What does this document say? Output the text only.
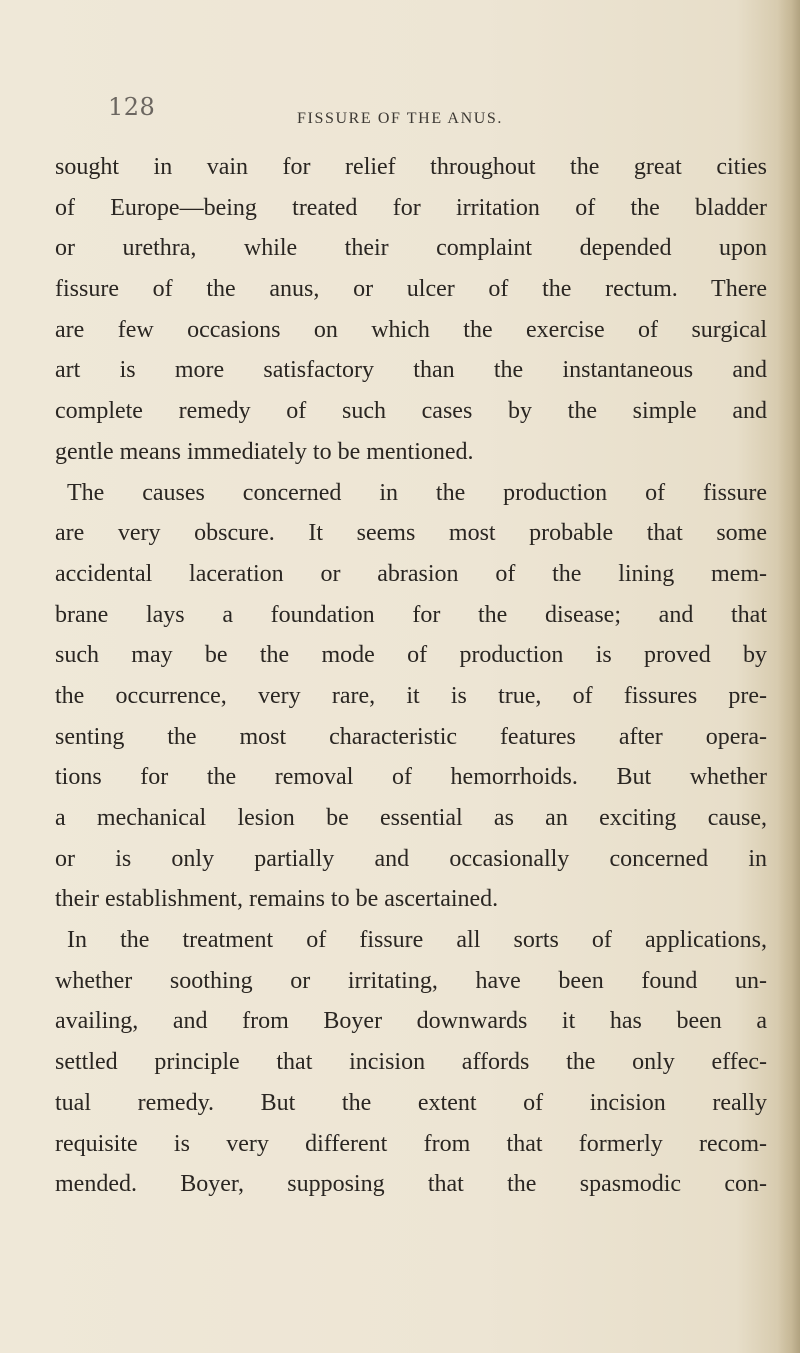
128	FISSURE OF THE ANUS.
sought in vain for relief throughout the great cities
of Europe—being treated for irritation of the bladder
or urethra, while their complaint depended upon
fissure of the anus, or ulcer of the rectum. There
are few occasions on which the exercise of surgical
art is more satisfactory than the instantaneous and
complete remedy of such cases by the simple and
gentle means immediately to be mentioned.
The causes concerned in the production of fissure
are very obscure. It seems most probable that some
accidental laceration or abrasion of the lining mem-
brane lays a foundation for the disease; and that
such may be the mode of production is proved by
the occurrence, very rare, it is true, of fissures pre-
senting the most characteristic features after opera-
tions for the removal of hemorrhoids. But whether
a mechanical lesion be essential as an exciting cause,
or is only partially and occasionally concerned in
their establishment, remains to be ascertained.
In the treatment of fissure all sorts of applications,
whether soothing or irritating, have been found un-
availing, and from Boyer downwards it has been a
settled principle that incision affords the only effec-
tual remedy. But the extent of incision really
requisite is very different from that formerly recom-
mended. Boyer, supposing that the spasmodic con-
